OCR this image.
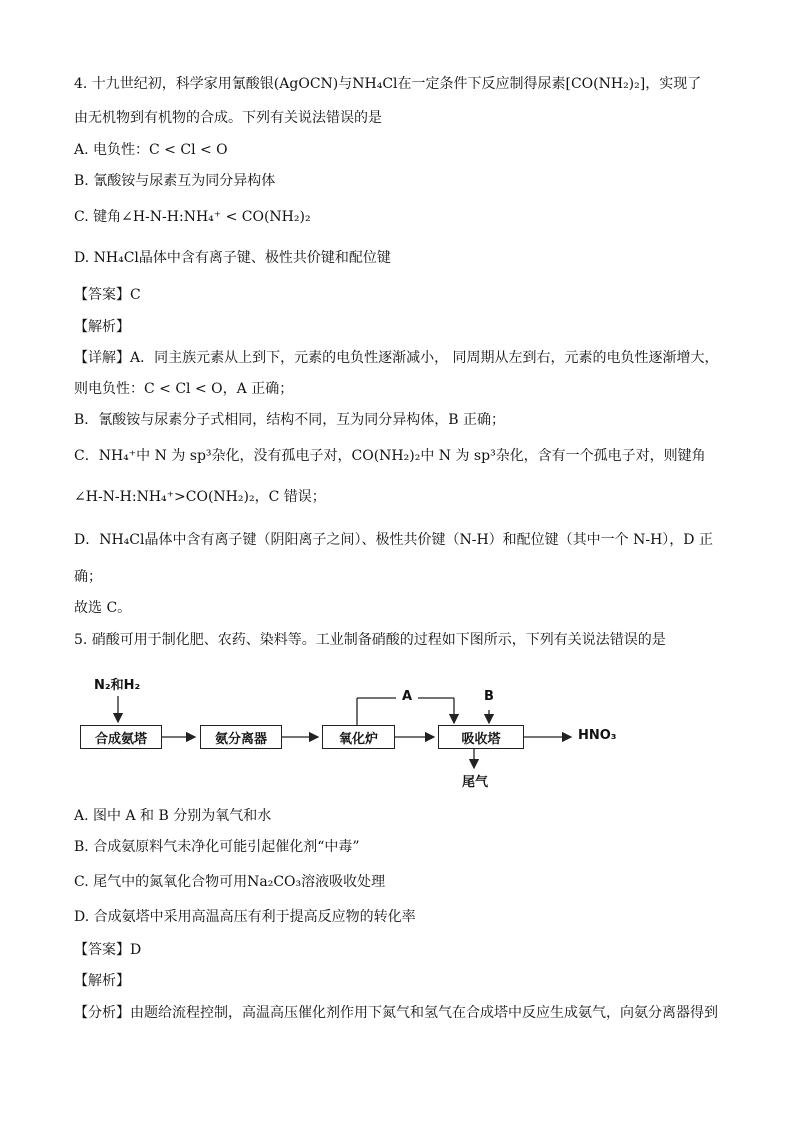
4. 十九世纪初，科学家用氰酸银(AgOCN)与NH₄Cl在一定条件下反应制得尿素[CO(NH₂)₂]，实现了
由无机物到有机物的合成。下列有关说法错误的是
A. 电负性：C < Cl < O
B. 氰酸铵与尿素互为同分异构体
C. 键角∠H-N-H:NH₄⁺ < CO(NH₂)₂
D. NH₄Cl晶体中含有离子键、极性共价键和配位键
【答案】C
【解析】
【详解】A．同主族元素从上到下，元素的电负性逐渐减小， 同周期从左到右，元素的电负性逐渐增大，
则电负性：C < Cl < O，A 正确；
B．氰酸铵与尿素分子式相同，结构不同，互为同分异构体，B 正确；
C．NH₄⁺中 N 为 sp³杂化，没有孤电子对，CO(NH₂)₂中 N 为 sp³杂化，含有一个孤电子对，则键角
∠H-N-H:NH₄⁺>CO(NH₂)₂，C 错误；
D．NH₄Cl晶体中含有离子键（阴阳离子之间）、极性共价键（N-H）和配位键（其中一个 N-H），D 正
确；
故选 C。
5. 硝酸可用于制化肥、农药、染料等。工业制备硝酸的过程如下图所示，下列有关说法错误的是
N₂和H₂
合成氨塔	氨分离器	氧化炉	吸收塔
A	B
HNO₃
尾气
A. 图中 A 和 B 分别为氧气和水
B. 合成氨原料气未净化可能引起催化剂“中毒”
C. 尾气中的氮氧化合物可用Na₂CO₃溶液吸收处理
D. 合成氨塔中采用高温高压有利于提高反应物的转化率
【答案】D
【解析】
【分析】由题给流程控制，高温高压催化剂作用下氮气和氢气在合成塔中反应生成氨气，向氨分离器得到
